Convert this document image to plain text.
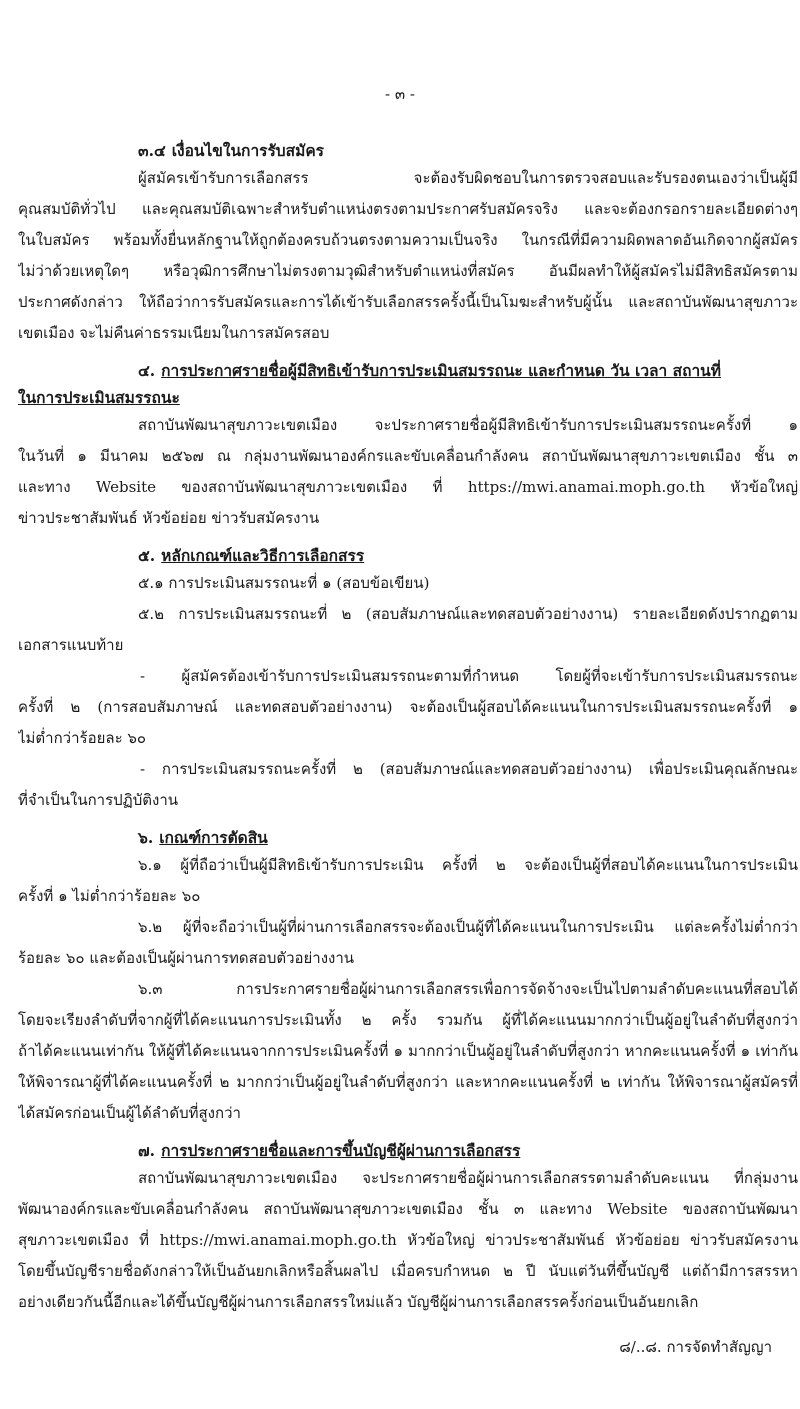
- ๓ -
๓.๔ เงื่อนไขในการรับสมัคร
ผู้สมัครเข้ารับการเลือกสรร จะต้องรับผิดชอบในการตรวจสอบและรับรองตนเองว่าเป็นผู้มี
คุณสมบัติทั่วไป และคุณสมบัติเฉพาะสำหรับตำแหน่งตรงตามประกาศรับสมัครจริง และจะต้องกรอกรายละเอียดต่างๆ
ในใบสมัคร พร้อมทั้งยื่นหลักฐานให้ถูกต้องครบถ้วนตรงตามความเป็นจริง ในกรณีที่มีความผิดพลาดอันเกิดจากผู้สมัคร
ไม่ว่าด้วยเหตุใดๆ หรือวุฒิการศึกษาไม่ตรงตามวุฒิสำหรับตำแหน่งที่สมัคร อันมีผลทำให้ผู้สมัครไม่มีสิทธิสมัครตาม
ประกาศดังกล่าว ให้ถือว่าการรับสมัครและการได้เข้ารับเลือกสรรครั้งนี้เป็นโมฆะสำหรับผู้นั้น และสถาบันพัฒนาสุขภาวะ
เขตเมือง จะไม่คืนค่าธรรมเนียมในการสมัครสอบ
๔. การประกาศรายชื่อผู้มีสิทธิเข้ารับการประเมินสมรรถนะ และกำหนด วัน เวลา สถานที่
ในการประเมินสมรรถนะ
สถาบันพัฒนาสุขภาวะเขตเมือง จะประกาศรายชื่อผู้มีสิทธิเข้ารับการประเมินสมรรถนะครั้งที่ ๑
ในวันที่ ๑ มีนาคม ๒๕๖๗ ณ กลุ่มงานพัฒนาองค์กรและขับเคลื่อนกำลังคน สถาบันพัฒนาสุขภาวะเขตเมือง ชั้น ๓
และทาง Website ของสถาบันพัฒนาสุขภาวะเขตเมือง ที่ https://mwi.anamai.moph.go.th หัวข้อใหญ่
ข่าวประชาสัมพันธ์ หัวข้อย่อย ข่าวรับสมัครงาน
๕. หลักเกณฑ์และวิธีการเลือกสรร
๕.๑ การประเมินสมรรถนะที่ ๑ (สอบข้อเขียน)
๕.๒ การประเมินสมรรถนะที่ ๒ (สอบสัมภาษณ์และทดสอบตัวอย่างงาน) รายละเอียดดังปรากฏตาม
เอกสารแนบท้าย
- ผู้สมัครต้องเข้ารับการประเมินสมรรถนะตามที่กำหนด โดยผู้ที่จะเข้ารับการประเมินสมรรถนะ
ครั้งที่ ๒ (การสอบสัมภาษณ์ และทดสอบตัวอย่างงาน) จะต้องเป็นผู้สอบได้คะแนนในการประเมินสมรรถนะครั้งที่ ๑
ไม่ต่ำกว่าร้อยละ ๖๐
- การประเมินสมรรถนะครั้งที่ ๒ (สอบสัมภาษณ์และทดสอบตัวอย่างงาน) เพื่อประเมินคุณลักษณะ
ที่จำเป็นในการปฏิบัติงาน
๖. เกณฑ์การตัดสิน
๖.๑ ผู้ที่ถือว่าเป็นผู้มีสิทธิเข้ารับการประเมิน ครั้งที่ ๒ จะต้องเป็นผู้ที่สอบได้คะแนนในการประเมิน
ครั้งที่ ๑ ไม่ต่ำกว่าร้อยละ ๖๐
๖.๒ ผู้ที่จะถือว่าเป็นผู้ที่ผ่านการเลือกสรรจะต้องเป็นผู้ที่ได้คะแนนในการประเมิน แต่ละครั้งไม่ต่ำกว่า
ร้อยละ ๖๐ และต้องเป็นผู้ผ่านการทดสอบตัวอย่างงาน
๖.๓ การประกาศรายชื่อผู้ผ่านการเลือกสรรเพื่อการจัดจ้างจะเป็นไปตามลำดับคะแนนที่สอบได้
โดยจะเรียงลำดับที่จากผู้ที่ได้คะแนนการประเมินทั้ง ๒ ครั้ง รวมกัน ผู้ที่ได้คะแนนมากกว่าเป็นผู้อยู่ในลำดับที่สูงกว่า
ถ้าได้คะแนนเท่ากัน ให้ผู้ที่ได้คะแนนจากการประเมินครั้งที่ ๑ มากกว่าเป็นผู้อยู่ในลำดับที่สูงกว่า หากคะแนนครั้งที่ ๑ เท่ากัน
ให้พิจารณาผู้ที่ได้คะแนนครั้งที่ ๒ มากกว่าเป็นผู้อยู่ในลำดับที่สูงกว่า และหากคะแนนครั้งที่ ๒ เท่ากัน ให้พิจารณาผู้สมัครที่
ได้สมัครก่อนเป็นผู้ได้ลำดับที่สูงกว่า
๗. การประกาศรายชื่อและการขึ้นบัญชีผู้ผ่านการเลือกสรร
สถาบันพัฒนาสุขภาวะเขตเมือง จะประกาศรายชื่อผู้ผ่านการเลือกสรรตามลำดับคะแนน ที่กลุ่มงาน
พัฒนาองค์กรและขับเคลื่อนกำลังคน สถาบันพัฒนาสุขภาวะเขตเมือง ชั้น ๓ และทาง Website ของสถาบันพัฒนา
สุขภาวะเขตเมือง ที่ https://mwi.anamai.moph.go.th หัวข้อใหญ่ ข่าวประชาสัมพันธ์ หัวข้อย่อย ข่าวรับสมัครงาน
โดยขึ้นบัญชีรายชื่อดังกล่าวให้เป็นอันยกเลิกหรือสิ้นผลไป เมื่อครบกำหนด ๒ ปี นับแต่วันที่ขึ้นบัญชี แต่ถ้ามีการสรรหา
อย่างเดียวกันนี้อีกและได้ขึ้นบัญชีผู้ผ่านการเลือกสรรใหม่แล้ว บัญชีผู้ผ่านการเลือกสรรครั้งก่อนเป็นอันยกเลิก
๘/..๘. การจัดทำสัญญา
